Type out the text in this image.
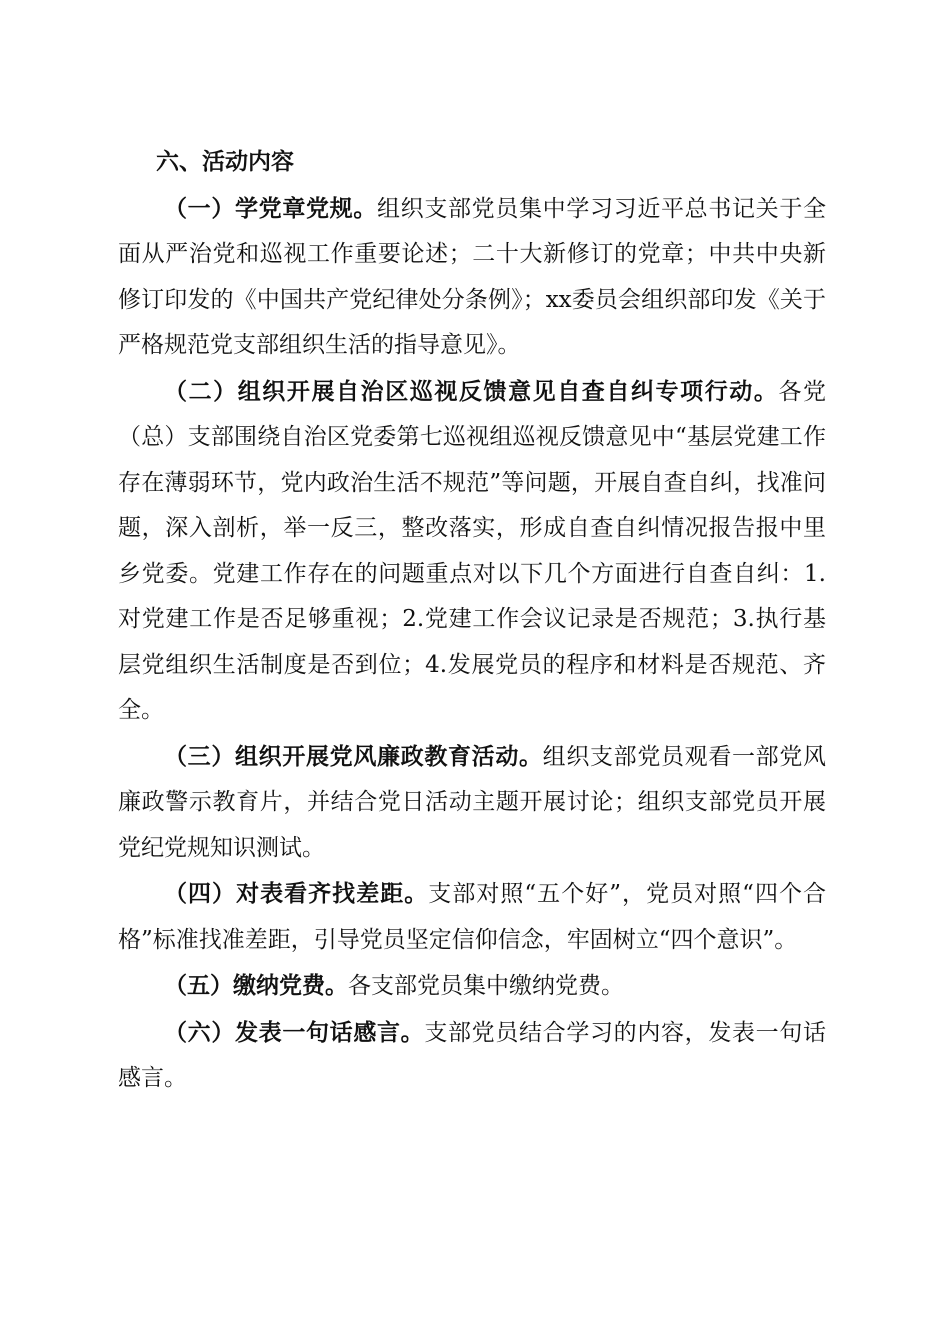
六、活动内容

（一）学党章党规。组织支部党员集中学习习近平总书记关于全面从严治党和巡视工作重要论述；二十大新修订的党章；中共中央新修订印发的《中国共产党纪律处分条例》；xx委员会组织部印发《关于严格规范党支部组织生活的指导意见》。

（二）组织开展自治区巡视反馈意见自查自纠专项行动。各党（总）支部围绕自治区党委第七巡视组巡视反馈意见中“基层党建工作存在薄弱环节，党内政治生活不规范”等问题，开展自查自纠，找准问题，深入剖析，举一反三，整改落实，形成自查自纠情况报告报中里乡党委。党建工作存在的问题重点对以下几个方面进行自查自纠：1.对党建工作是否足够重视；2.党建工作会议记录是否规范；3.执行基层党组织生活制度是否到位；4.发展党员的程序和材料是否规范、齐全。

（三）组织开展党风廉政教育活动。组织支部党员观看一部党风廉政警示教育片，并结合党日活动主题开展讨论；组织支部党员开展党纪党规知识测试。

（四）对表看齐找差距。支部对照“五个好”，党员对照“四个合格”标准找准差距，引导党员坚定信仰信念，牢固树立“四个意识”。

（五）缴纳党费。各支部党员集中缴纳党费。

（六）发表一句话感言。支部党员结合学习的内容，发表一句话感言。
